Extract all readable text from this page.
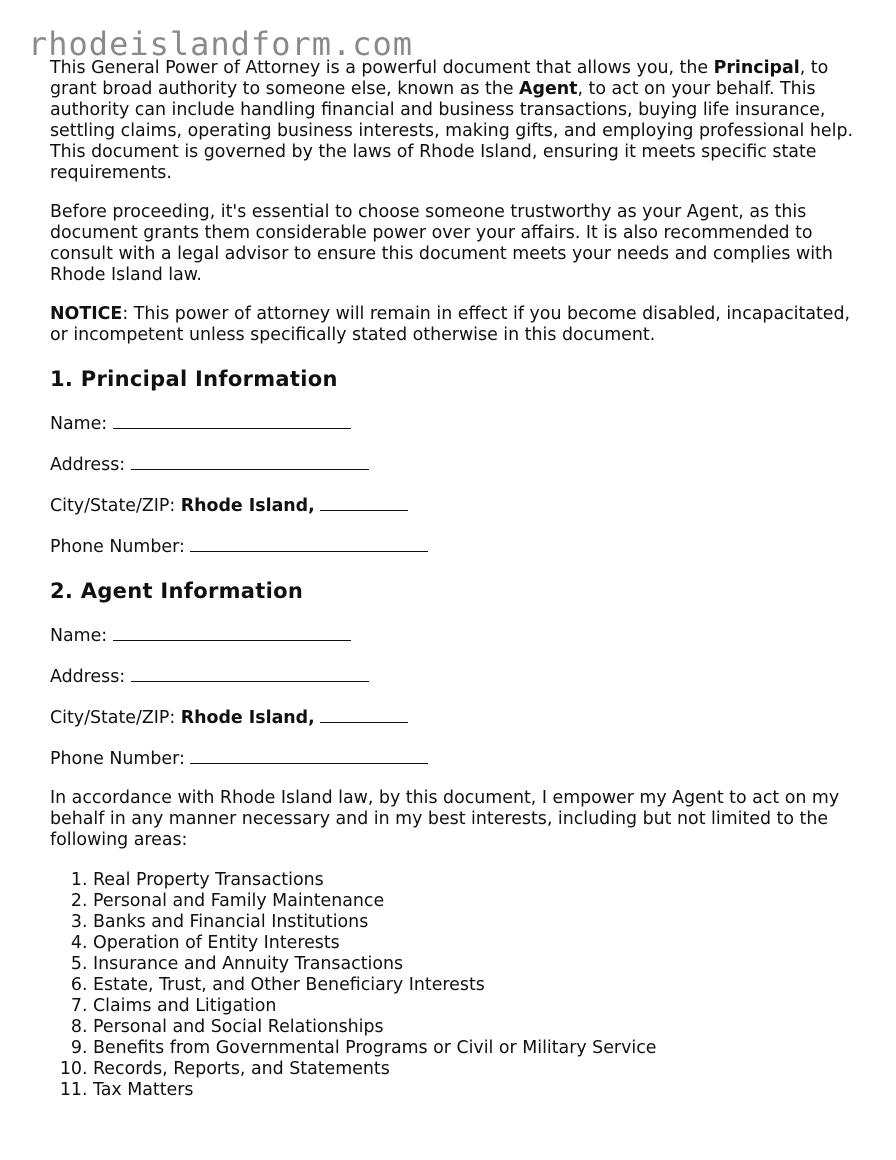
rhodeislandform.com

This General Power of Attorney is a powerful document that allows you, the Principal, to grant broad authority to someone else, known as the Agent, to act on your behalf. This authority can include handling financial and business transactions, buying life insurance, settling claims, operating business interests, making gifts, and employing professional help. This document is governed by the laws of Rhode Island, ensuring it meets specific state requirements.

Before proceeding, it's essential to choose someone trustworthy as your Agent, as this document grants them considerable power over your affairs. It is also recommended to consult with a legal advisor to ensure this document meets your needs and complies with Rhode Island law.

NOTICE: This power of attorney will remain in effect if you become disabled, incapacitated, or incompetent unless specifically stated otherwise in this document.

1. Principal Information
Name:
Address:
City/State/ZIP: Rhode Island,
Phone Number:
2. Agent Information
Name:
Address:
City/State/ZIP: Rhode Island,
Phone Number:

In accordance with Rhode Island law, by this document, I empower my Agent to act on my behalf in any manner necessary and in my best interests, including but not limited to the following areas:

1. Real Property Transactions
2. Personal and Family Maintenance
3. Banks and Financial Institutions
4. Operation of Entity Interests
5. Insurance and Annuity Transactions
6. Estate, Trust, and Other Beneficiary Interests
7. Claims and Litigation
8. Personal and Social Relationships
9. Benefits from Governmental Programs or Civil or Military Service
10. Records, Reports, and Statements
11. Tax Matters
